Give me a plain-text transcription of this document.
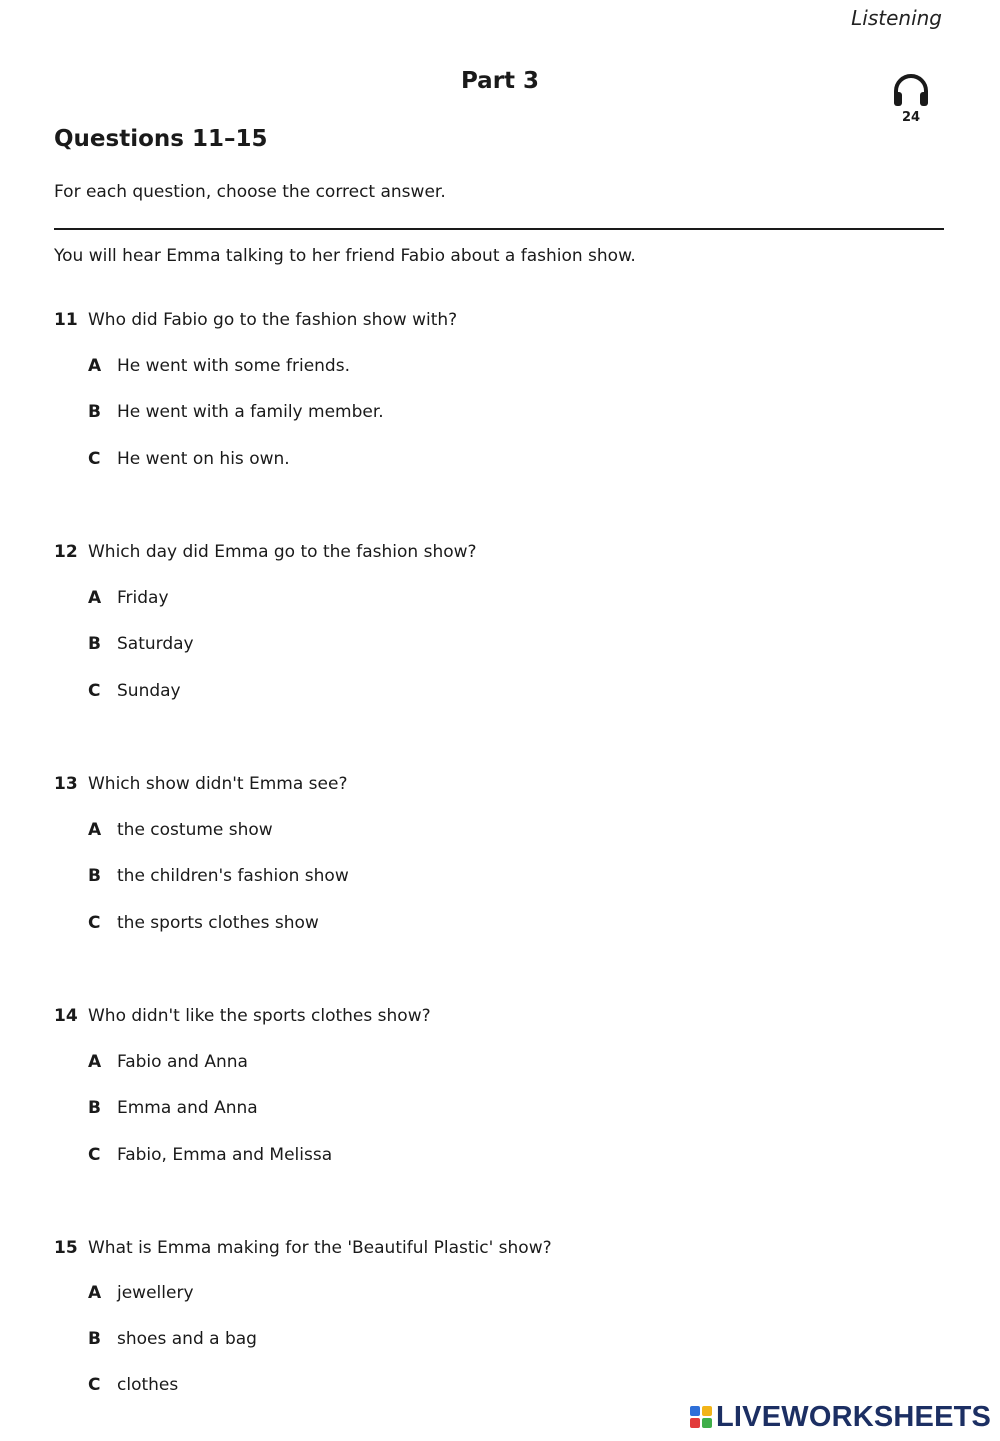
Listening
Part 3
24
Questions 11–15
For each question, choose the correct answer.
You will hear Emma talking to her friend Fabio about a fashion show.
11 Who did Fabio go to the fashion show with?
A He went with some friends.
B He went with a family member.
C He went on his own.
12 Which day did Emma go to the fashion show?
A Friday
B Saturday
C Sunday
13 Which show didn't Emma see?
A the costume show
B the children's fashion show
C the sports clothes show
14 Who didn't like the sports clothes show?
A Fabio and Anna
B Emma and Anna
C Fabio, Emma and Melissa
15 What is Emma making for the 'Beautiful Plastic' show?
A jewellery
B shoes and a bag
C clothes
LIVEWORKSHEETS
